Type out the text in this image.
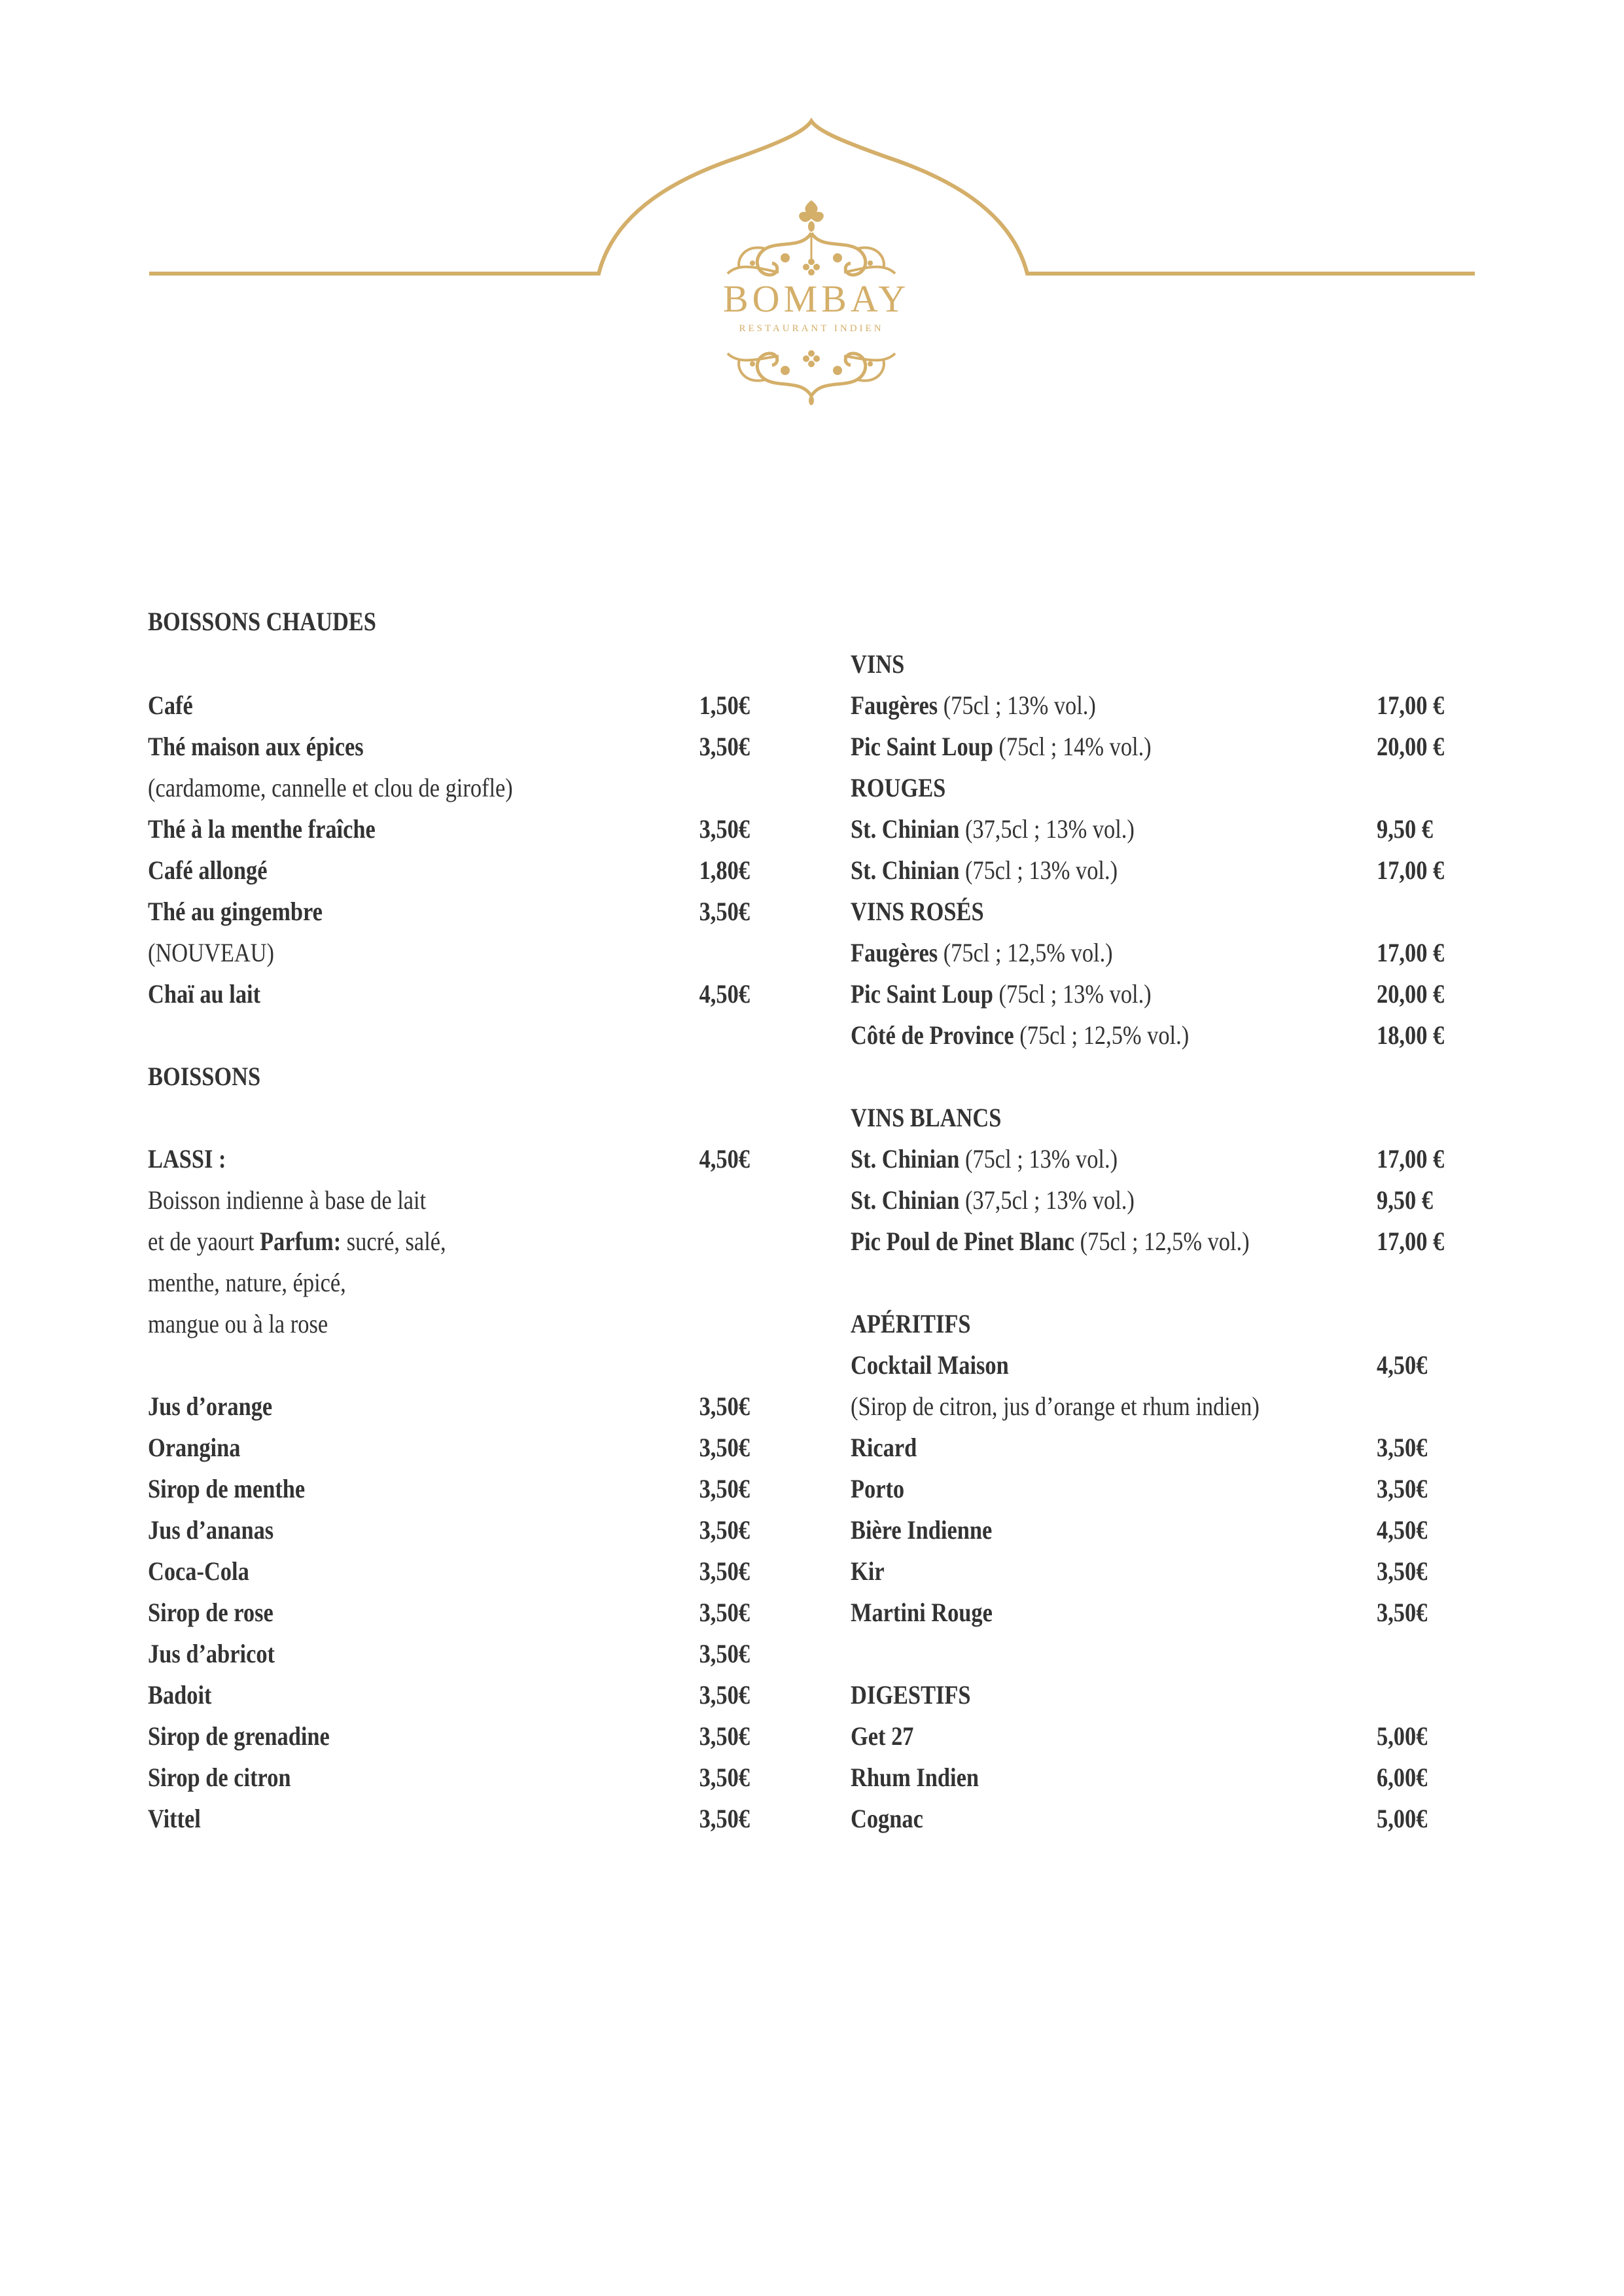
BOMBAY
RESTAURANT INDIEN
BOISSONS CHAUDES
Café	1,50€
Thé maison aux épices	3,50€
(cardamome, cannelle et clou de girofle)
Thé à la menthe fraîche	3,50€
Café allongé	1,80€
Thé au gingembre	3,50€
(NOUVEAU)
Chaï au lait	4,50€
BOISSONS
LASSI :	4,50€
Boisson indienne à base de lait
et de yaourt Parfum: sucré, salé,
menthe, nature, épicé,
mangue ou à la rose
Jus d’orange	3,50€
Orangina	3,50€
Sirop de menthe	3,50€
Jus d’ananas	3,50€
Coca-Cola	3,50€
Sirop de rose	3,50€
Jus d’abricot	3,50€
Badoit	3,50€
Sirop de grenadine	3,50€
Sirop de citron	3,50€
Vittel	3,50€
VINS
Faugères (75cl ; 13% vol.)	17,00 €
Pic Saint Loup (75cl ; 14% vol.)	20,00 €
ROUGES
St. Chinian (37,5cl ; 13% vol.)	9,50 €
St. Chinian (75cl ; 13% vol.)	17,00 €
VINS ROSÉS
Faugères (75cl ; 12,5% vol.)	17,00 €
Pic Saint Loup (75cl ; 13% vol.)	20,00 €
Côté de Province (75cl ; 12,5% vol.)	18,00 €
VINS BLANCS
St. Chinian (75cl ; 13% vol.)	17,00 €
St. Chinian (37,5cl ; 13% vol.)	9,50 €
Pic Poul de Pinet Blanc (75cl ; 12,5% vol.)	17,00 €
APÉRITIFS
Cocktail Maison	4,50€
(Sirop de citron, jus d’orange et rhum indien)
Ricard	3,50€
Porto	3,50€
Bière Indienne	4,50€
Kir	3,50€
Martini Rouge	3,50€
DIGESTIFS
Get 27	5,00€
Rhum Indien	6,00€
Cognac	5,00€
